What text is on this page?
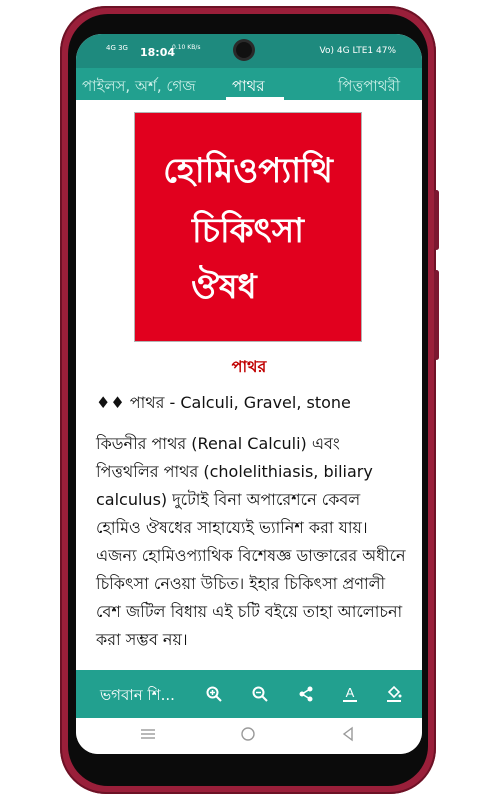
4G 3G 18:04
0.10 KB/s	Vo) 4G LTE1 47%
পাইলস, অর্শ, গেজ পাথর	পিত্তপাথরী
হোমিওপ্যাথি
চিকিৎসা
ঔষধ
পাথর
♦♦ পাথর - Calculi, Gravel, stone
কিডনীর পাথর (Renal Calculi) এবং পিত্তথলির পাথর (cholelithiasis, biliary calculus) দুটোই বিনা অপারেশনে কেবল হোমিও ঔষধের সাহায্যেই ভ্যানিশ করা যায়। এজন্য হোমিওপ্যাথিক বিশেষজ্ঞ ডাক্তারের অধীনে চিকিৎসা নেওয়া উচিত। ইহার চিকিৎসা প্রণালী বেশ জটিল বিধায় এই চটি বইয়ে তাহা আলোচনা করা সম্ভব নয়।
ভগবান শি...	A
